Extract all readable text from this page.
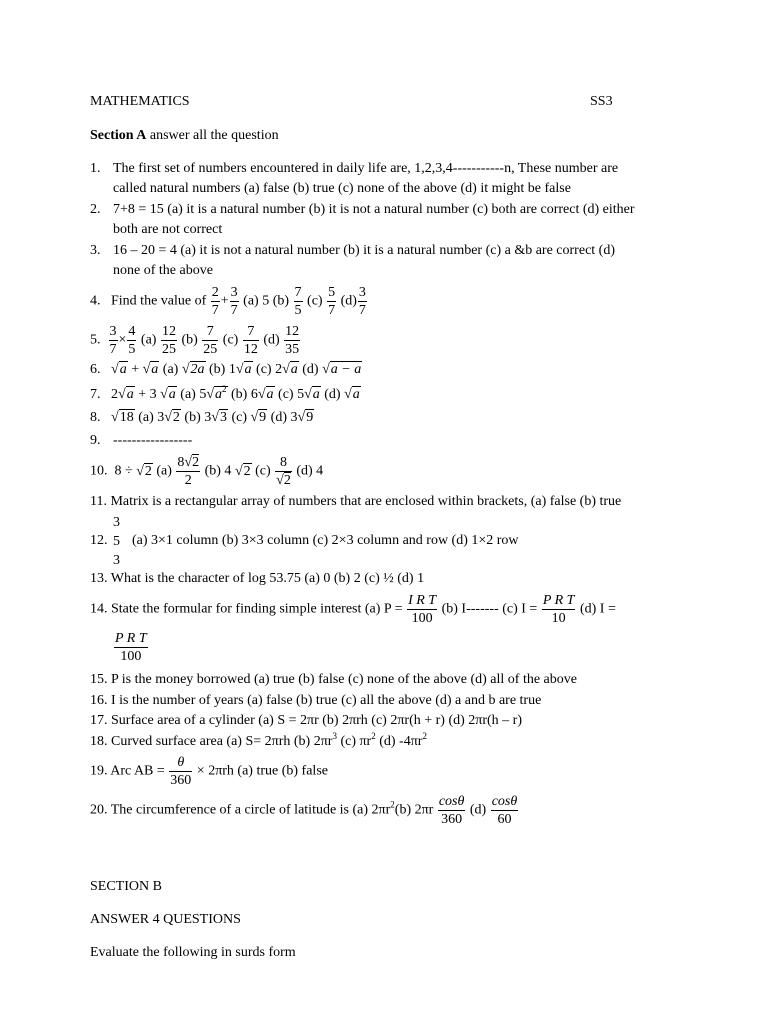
MATHEMATICS	SS3
Section A answer all the question
1. The first set of numbers encountered in daily life are, 1,2,3,4-----------n, These number are
called natural numbers (a) false (b) true (c) none of the above (d) it might be false
2. 7+8 = 15 (a) it is a natural number (b) it is not a natural number (c) both are correct (d) either
both are not correct
3. 16 – 20 = 4 (a) it is not a natural number (b) it is a natural number (c) a &b are correct (d)
none of the above
4. Find the value of $\frac{2}{7} + \frac{3}{7} (a)$ 5 $(b) \frac{7}{5} (c) \frac{5}{7} (d) \frac{3}{7}$
5. $\frac{3}{7} \times \frac{4}{5} (a) \frac{12}{25} (b) \frac{7}{25} (c) \frac{7}{12} (d) \frac{12}{35}$
6. √a + √a (a) √2a (b) 1√a (c) 2√a (d) √a − a
7. 2√a + 3 √a (a) $5√a^2$ (b) 6√a (c) 5√a (d) √a
8. √18 (a) 3√2 (b) 3√3 (c) √9 (d) 3√9
9. -----------------
10. 8 ÷ √2 $(a) \frac{8√2}{2} (b)$ 4 √2 $(c) \frac{8}{√2} (d)$ 4
11. Matrix is a rectangular array of numbers that are enclosed within brackets, (a) false (b) true
12.
3
5
3
(a) 3×1 column (b) 3×3 column (c) 2×3 column and row (d) 1×2 row
13. What is the character of log 53.75 (a) 0 (b) 2 (c) ½ (d) 1
14. State the formular for finding simple interest (a) $P = \frac{\text{I R T}}{100} (b)$ I------- (c) $I = \frac{\text{P R T}}{10} (d) I$ =
$\frac{\text{P R T}}{100}$
15. P is the money borrowed (a) true (b) false (c) none of the above (d) all of the above
16. I is the number of years (a) false (b) true (c) all the above (d) a and b are true
17. Surface area of a cylinder (a) S = 2πr (b) 2πrh (c) 2πr(h + r) (d) 2πr(h – r)
18. Curved surface area (a) S= 2πrh (b) $2\pi r^3$ (c) $\pi r^2$ (d) $-4\pi r^2$
19. Arc AB = $\frac{\theta}{360} \times 2\pi rh$ (a) true (b) false
20. The circumference of a circle of latitude is (a) $2\pi r^2(b)$ $2\pi r \frac{\cos\theta}{360} (d) \frac{\cos\theta}{60}$
SECTION B
ANSWER 4 QUESTIONS
Evaluate the following in surds form
